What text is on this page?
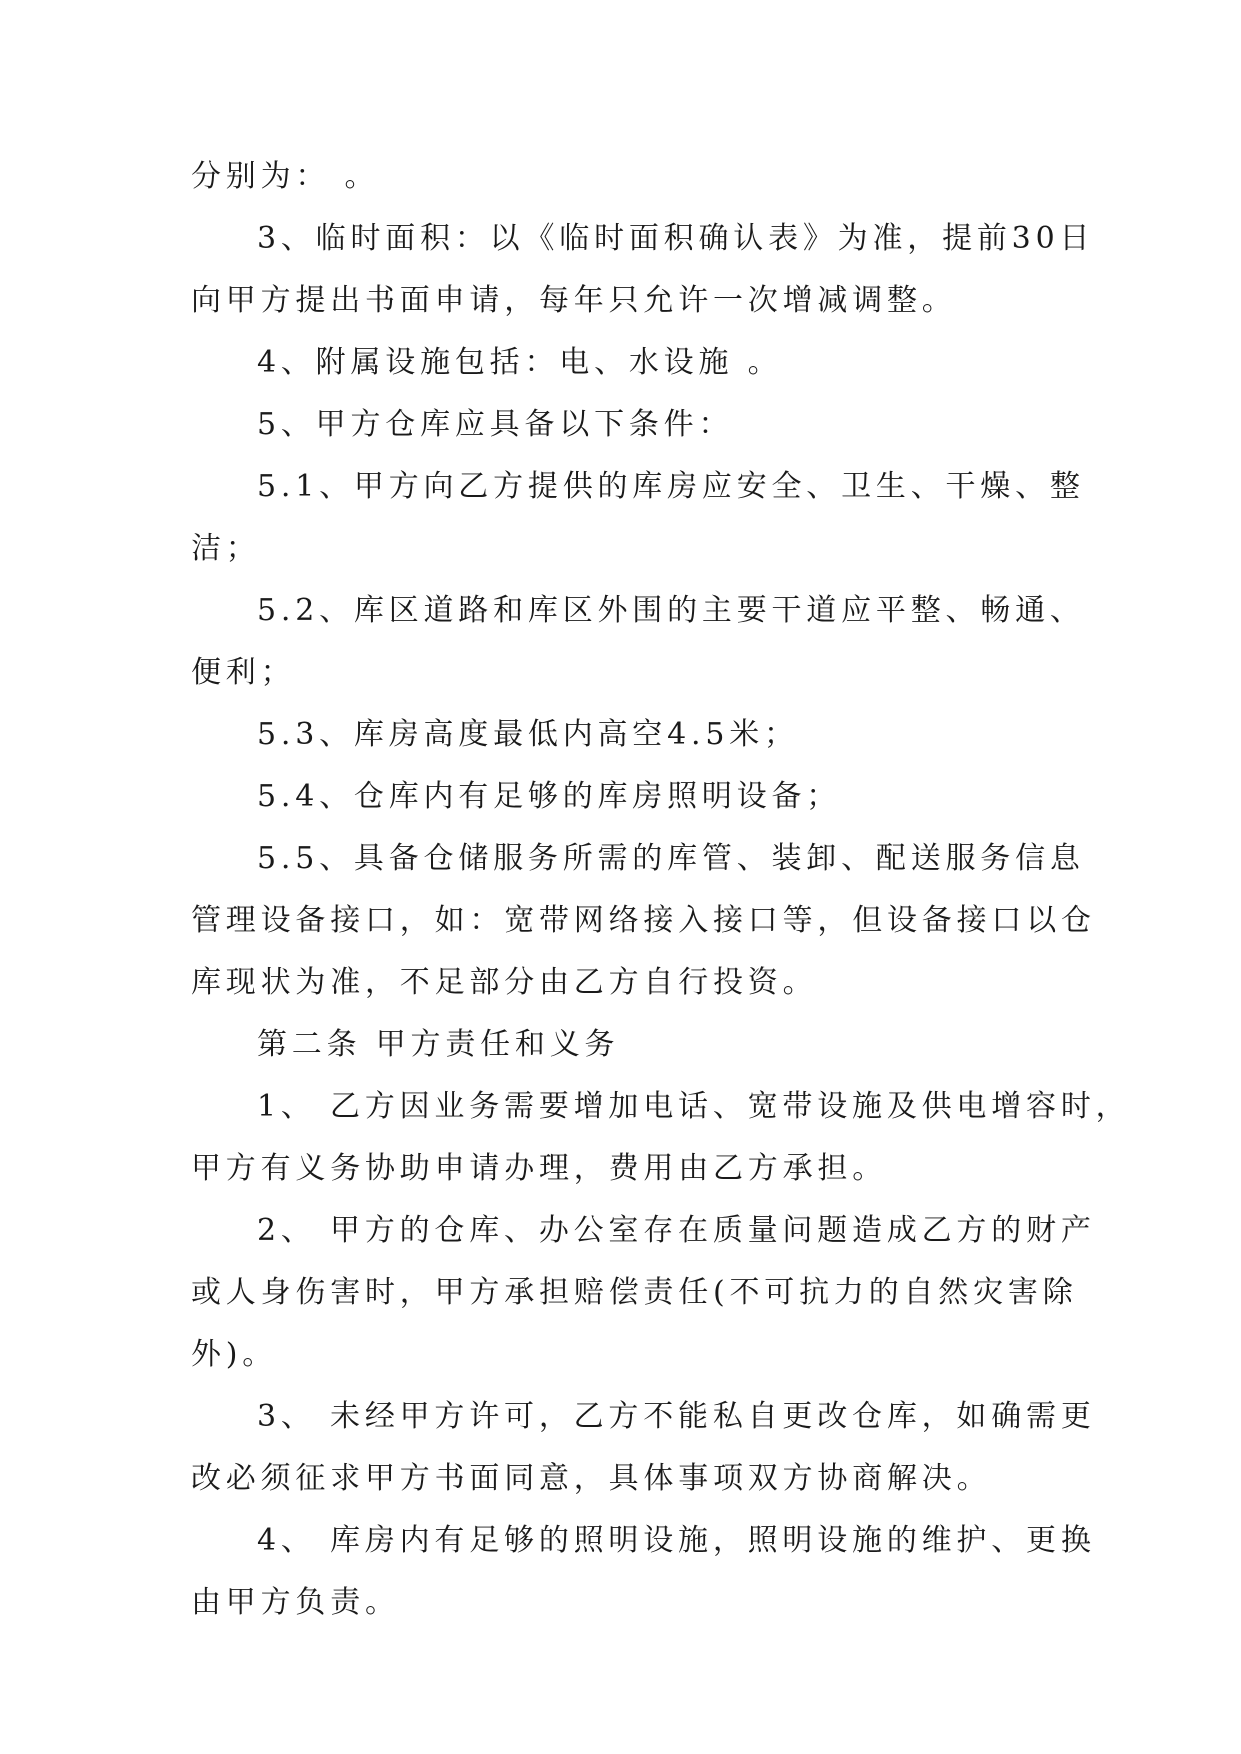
分别为： 。
3、临时面积：以《临时面积确认表》为准，提前30日
向甲方提出书面申请，每年只允许一次增减调整。
4、附属设施包括：电、水设施 。
5、甲方仓库应具备以下条件：
5.1、甲方向乙方提供的库房应安全、卫生、干燥、整
洁；
5.2、库区道路和库区外围的主要干道应平整、畅通、
便利；
5.3、库房高度最低内高空4.5米；
5.4、仓库内有足够的库房照明设备；
5.5、具备仓储服务所需的库管、装卸、配送服务信息
管理设备接口，如：宽带网络接入接口等，但设备接口以仓
库现状为准，不足部分由乙方自行投资。
第二条 甲方责任和义务
1、 乙方因业务需要增加电话、宽带设施及供电增容时，
甲方有义务协助申请办理，费用由乙方承担。
2、 甲方的仓库、办公室存在质量问题造成乙方的财产
或人身伤害时，甲方承担赔偿责任(不可抗力的自然灾害除
外)。
3、 未经甲方许可，乙方不能私自更改仓库，如确需更
改必须征求甲方书面同意，具体事项双方协商解决。
4、 库房内有足够的照明设施，照明设施的维护、更换
由甲方负责。
